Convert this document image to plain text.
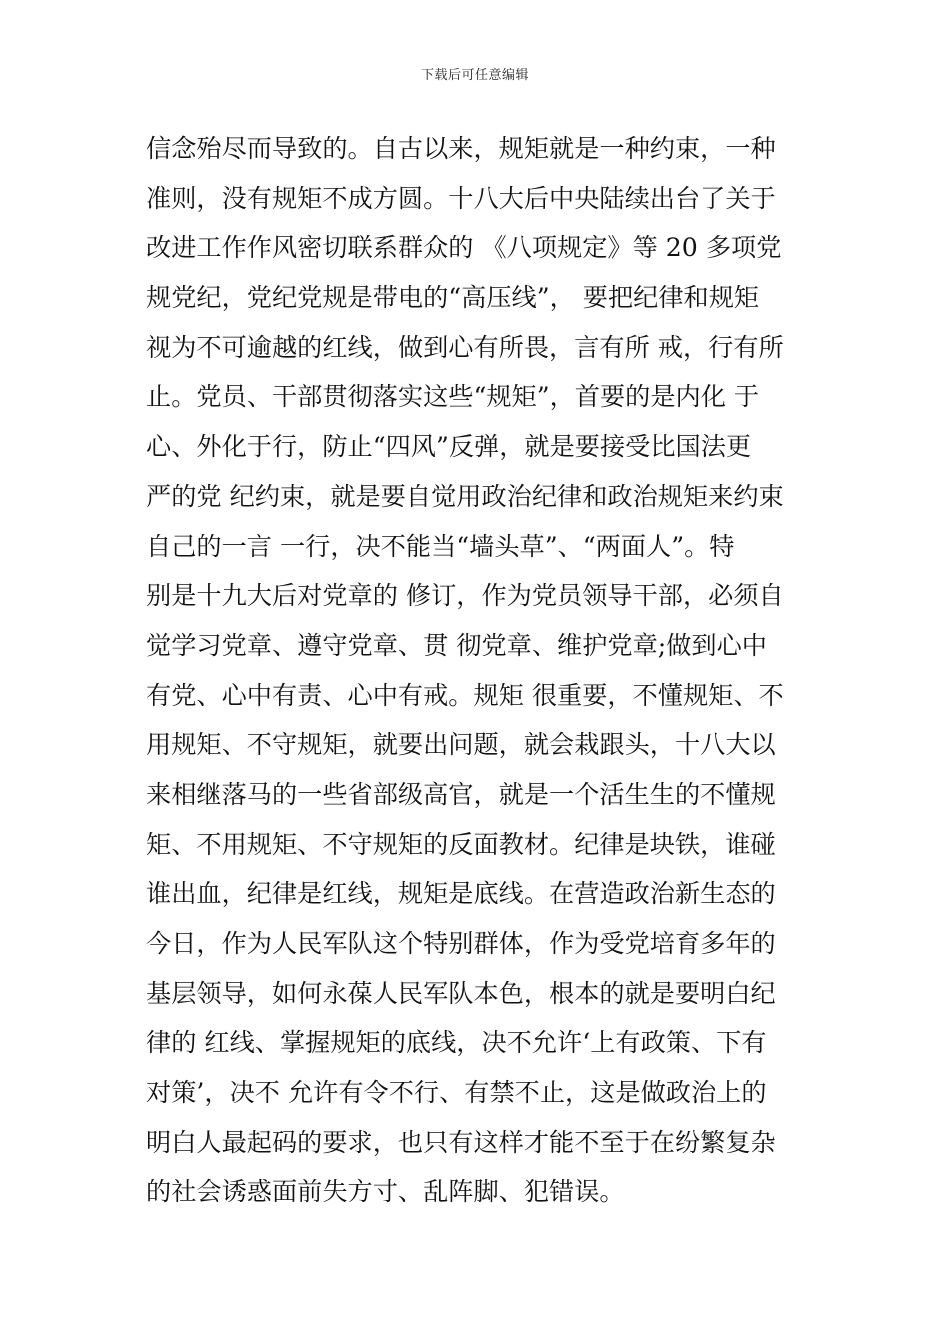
下载后可任意编辑
信念殆尽而导致的。自古以来，规矩就是一种约束，一种
准则，没有规矩不成方圆。十八大后中央陆续出台了关于
改进工作作风密切联系群众的 《八项规定》等 20 多项党
规党纪，党纪党规是带电的“高压线”， 要把纪律和规矩
视为不可逾越的红线，做到心有所畏，言有所 戒，行有所
止。党员、干部贯彻落实这些“规矩”，首要的是内化 于
心、外化于行，防止“四风”反弹，就是要接受比国法更
严的党 纪约束，就是要自觉用政治纪律和政治规矩来约束
自己的一言 一行，决不能当“墙头草”、“两面人”。特
别是十九大后对党章的 修订，作为党员领导干部，必须自
觉学习党章、遵守党章、贯 彻党章、维护党章;做到心中
有党、心中有责、心中有戒。规矩 很重要，不懂规矩、不
用规矩、不守规矩，就要出问题，就会栽跟头，十八大以
来相继落马的一些省部级高官，就是一个活生生的不懂规
矩、不用规矩、不守规矩的反面教材。纪律是块铁，谁碰
谁出血，纪律是红线，规矩是底线。在营造政治新生态的
今日，作为人民军队这个特别群体，作为受党培育多年的
基层领导，如何永葆人民军队本色，根本的就是要明白纪
律的 红线、掌握规矩的底线，决不允许‘上有政策、下有
对策’，决不 允许有令不行、有禁不止，这是做政治上的
明白人最起码的要求，也只有这样才能不至于在纷繁复杂
的社会诱惑面前失方寸、乱阵脚、犯错误。
